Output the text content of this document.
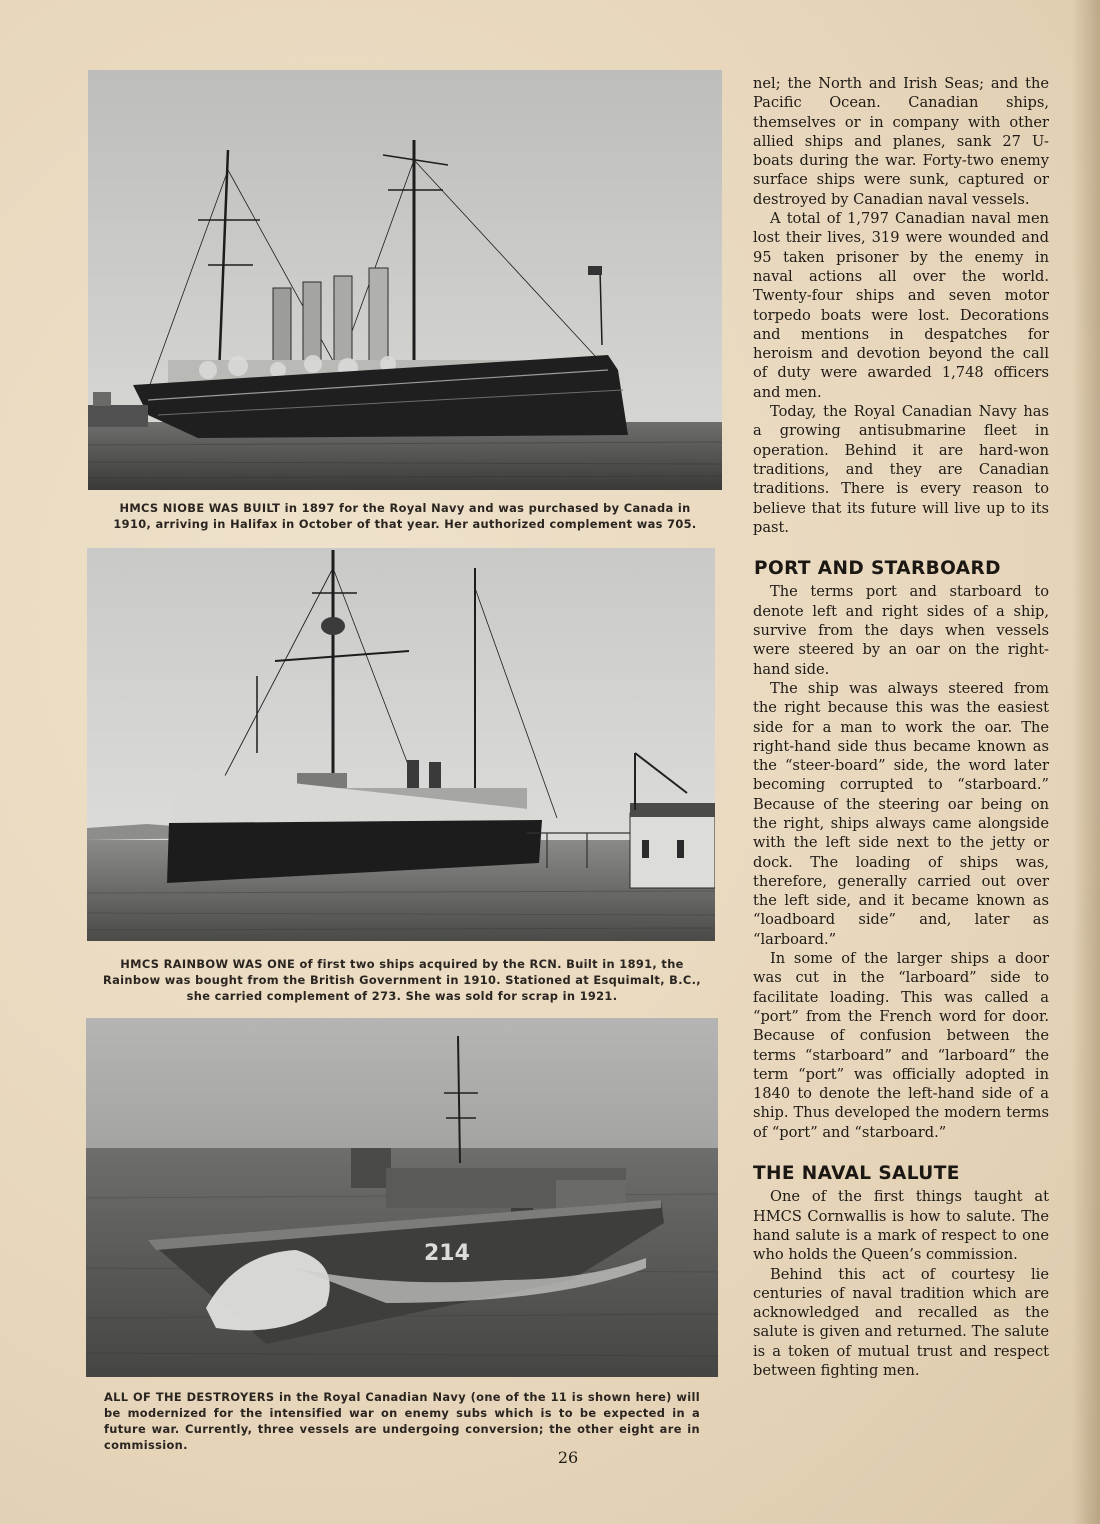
HMCS NIOBE WAS BUILT in 1897 for the Royal Navy and was purchased by Canada in 1910, arriving in Halifax in October of that year. Her authorized complement was 705.
HMCS RAINBOW WAS ONE of first two ships acquired by the RCN. Built in 1891, the Rainbow was bought from the British Government in 1910. Stationed at Esquimalt, B.C., she carried complement of 273. She was sold for scrap in 1921.
214
ALL OF THE DESTROYERS in the Royal Canadian Navy (one of the 11 is shown here) will be modernized for the intensified war on enemy subs which is to be expected in a future war. Currently, three vessels are undergoing conversion; the other eight are in commission.

nel; the North and Irish Seas; and the Pacific Ocean. Canadian ships, themselves or in company with other allied ships and planes, sank 27 U-boats during the war. Forty-two enemy surface ships were sunk, captured or destroyed by Canadian naval vessels.

A total of 1,797 Canadian naval men lost their lives, 319 were wounded and 95 taken prisoner by the enemy in naval actions all over the world. Twenty-four ships and seven motor torpedo boats were lost. Decorations and mentions in despatches for heroism and devotion beyond the call of duty were awarded 1,748 officers and men.

Today, the Royal Canadian Navy has a growing antisubmarine fleet in operation. Behind it are hard-won traditions, and they are Canadian traditions. There is every reason to believe that its future will live up to its past.

PORT AND STARBOARD

The terms port and starboard to denote left and right sides of a ship, survive from the days when vessels were steered by an oar on the right-hand side.

The ship was always steered from the right because this was the easiest side for a man to work the oar. The right-hand side thus became known as the “steer-board” side, the word later becoming corrupted to “starboard.” Because of the steering oar being on the right, ships always came alongside with the left side next to the jetty or dock. The loading of ships was, therefore, generally carried out over the left side, and it became known as “loadboard side” and, later as “larboard.”

In some of the larger ships a door was cut in the “larboard” side to facilitate loading. This was called a “port” from the French word for door. Because of confusion between the terms “starboard” and “larboard” the term “port” was officially adopted in 1840 to denote the left-hand side of a ship. Thus developed the modern terms of “port” and “starboard.”

THE NAVAL SALUTE

One of the first things taught at HMCS Cornwallis is how to salute. The hand salute is a mark of respect to one who holds the Queen’s commission.

Behind this act of courtesy lie centuries of naval tradition which are acknowledged and recalled as the salute is given and returned. The salute is a token of mutual trust and respect between fighting men.

26
